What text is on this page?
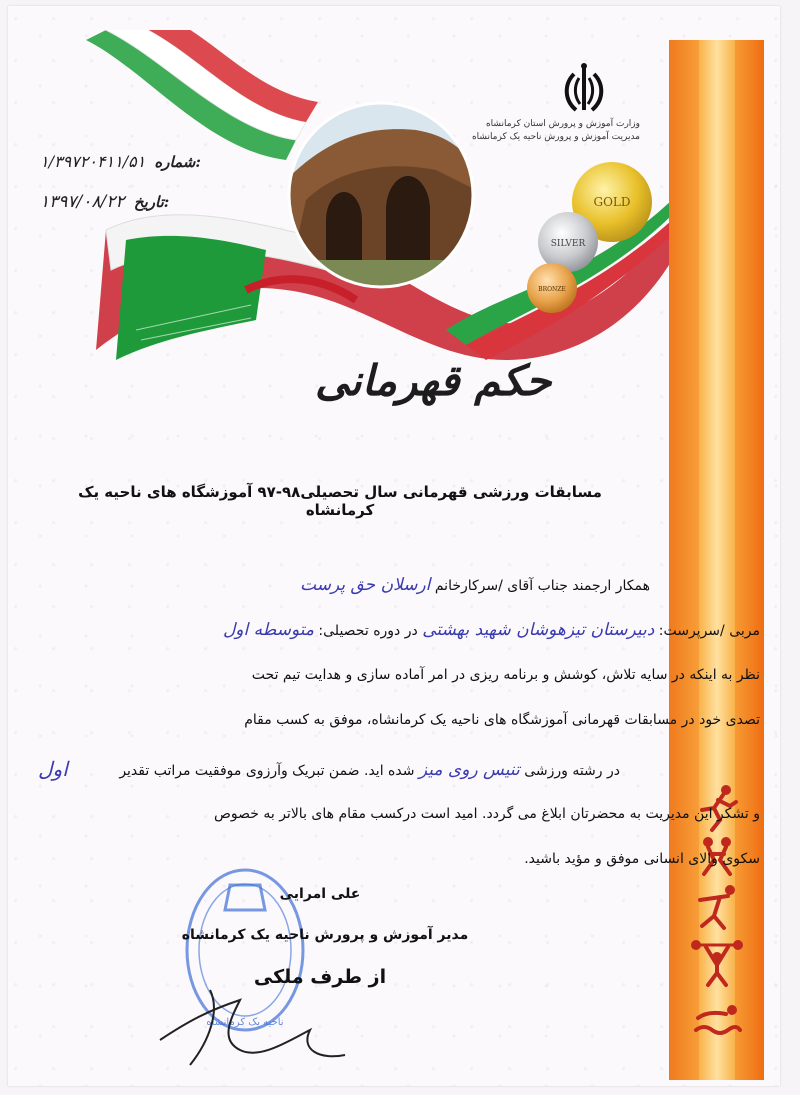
GOLD
SILVER
BRONZE
وزارت آموزش و پرورش استان کرمانشاه
مدیریت آموزش و پرورش ناحیه یک کرمانشاه
۱/۳۹۷۲۰۴۱۱/۵۱ شماره:
۱۳۹۷/۰۸/۲۲ تاریخ:
حکم قهرمانی
مسابقات ورزشی قهرمانی سال تحصیلی۹۸-۹۷ آموزشگاه های ناحیه یک کرمانشاه
همکار ارجمند جناب آقای /سرکارخانم ارسلان حق پرست
مربی /سرپرست: دبیرستان تیزهوشان شهید بهشتی در دوره تحصیلی: متوسطه اول
نظر به اینکه در سایه تلاش، کوشش و برنامه ریزی در امر آماده سازی و هدایت تیم تحت
تصدی خود در مسابقات قهرمانی آموزشگاه های ناحیه یک کرمانشاه، موفق به کسب مقام
در رشته ورزشی تنیس روی میز شده اید. ضمن تبریک وآرزوی موفقیت مراتب تقدیر
اول
و تشکر این مدیریت به محضرتان ابلاغ می گردد. امید است درکسب مقام های بالاتر به خصوص
سکوی والای انسانی موفق و مؤید باشید.
ناحیه یک کرمانشاه
علی امرایی
مدیر آموزش و پرورش ناحیه یک کرمانشاه
از طرف ملکی
